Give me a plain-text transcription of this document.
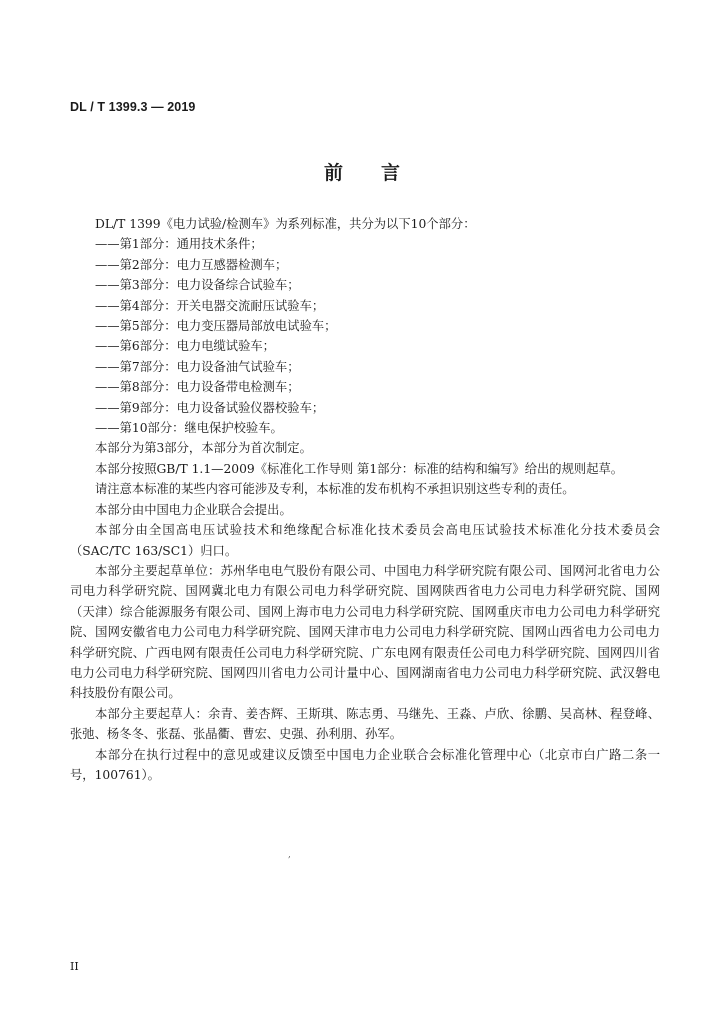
DL / T 1399.3 — 2019
前言

DL/T 1399《电力试验/检测车》为系列标准，共分为以下10个部分：

——第1部分：通用技术条件；

——第2部分：电力互感器检测车；

——第3部分：电力设备综合试验车；

——第4部分：开关电器交流耐压试验车；

——第5部分：电力变压器局部放电试验车；

——第6部分：电力电缆试验车；

——第7部分：电力设备油气试验车；

——第8部分：电力设备带电检测车；

——第9部分：电力设备试验仪器校验车；

——第10部分：继电保护校验车。

本部分为第3部分，本部分为首次制定。

本部分按照GB/T 1.1—2009《标准化工作导则 第1部分：标准的结构和编写》给出的规则起草。

请注意本标准的某些内容可能涉及专利，本标准的发布机构不承担识别这些专利的责任。

本部分由中国电力企业联合会提出。

本部分由全国高电压试验技术和绝缘配合标准化技术委员会高电压试验技术标准化分技术委员会（SAC/TC 163/SC1）归口。

本部分主要起草单位：苏州华电电气股份有限公司、中国电力科学研究院有限公司、国网河北省电力公司电力科学研究院、国网冀北电力有限公司电力科学研究院、国网陕西省电力公司电力科学研究院、国网（天津）综合能源服务有限公司、国网上海市电力公司电力科学研究院、国网重庆市电力公司电力科学研究院、国网安徽省电力公司电力科学研究院、国网天津市电力公司电力科学研究院、国网山西省电力公司电力科学研究院、广西电网有限责任公司电力科学研究院、广东电网有限责任公司电力科学研究院、国网四川省电力公司电力科学研究院、国网四川省电力公司计量中心、国网湖南省电力公司电力科学研究院、武汉磐电科技股份有限公司。

本部分主要起草人：余青、姜杏辉、王斯琪、陈志勇、马继先、王淼、卢欣、徐鹏、吴高林、程登峰、张弛、杨冬冬、张磊、张晶衢、曹宏、史强、孙利朋、孙军。

本部分在执行过程中的意见或建议反馈至中国电力企业联合会标准化管理中心（北京市白广路二条一号，100761）。

,
II
